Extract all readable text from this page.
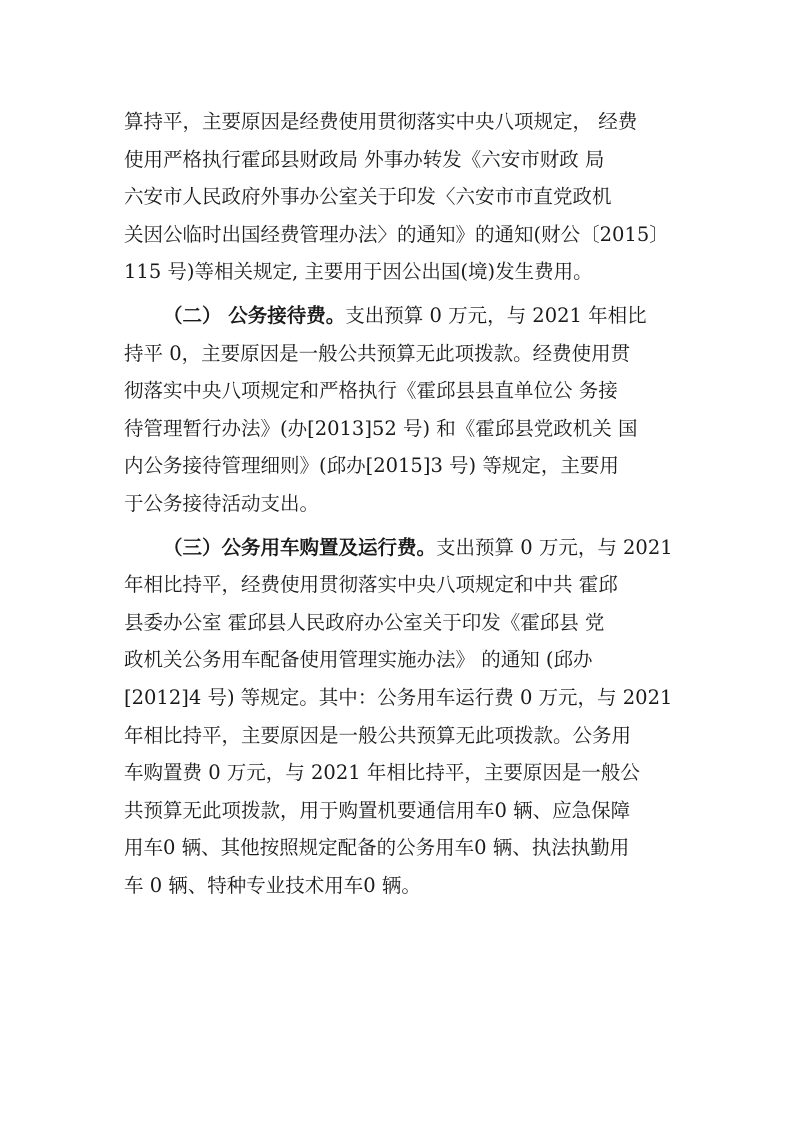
算持平，主要原因是经费使用贯彻落实中央八项规定， 经费
使用严格执行霍邱县财政局 外事办转发《六安市财政 局
六安市人民政府外事办公室关于印发〈六安市市直党政机
关因公临时出国经费管理办法〉的通知》的通知(财公〔2015〕
115 号)等相关规定, 主要用于因公出国(境)发生费用。
（二） 公务接待费。支出预算 0 万元，与 2021 年相比
持平 0，主要原因是一般公共预算无此项拨款。经费使用贯
彻落实中央八项规定和严格执行《霍邱县县直单位公 务接
待管理暂行办法》(办[2013]52 号) 和《霍邱县党政机关 国
内公务接待管理细则》(邱办[2015]3 号) 等规定，主要用
于公务接待活动支出。
（三）公务用车购置及运行费。支出预算 0 万元，与 2021
年相比持平，经费使用贯彻落实中央八项规定和中共 霍邱
县委办公室 霍邱县人民政府办公室关于印发《霍邱县 党
政机关公务用车配备使用管理实施办法》 的通知 (邱办
[2012]4 号) 等规定。其中：公务用车运行费 0 万元，与 2021
年相比持平，主要原因是一般公共预算无此项拨款。公务用
车购置费 0 万元，与 2021 年相比持平，主要原因是一般公
共预算无此项拨款，用于购置机要通信用车0 辆、应急保障
用车0 辆、其他按照规定配备的公务用车0 辆、执法执勤用
车 0 辆、特种专业技术用车0 辆。
